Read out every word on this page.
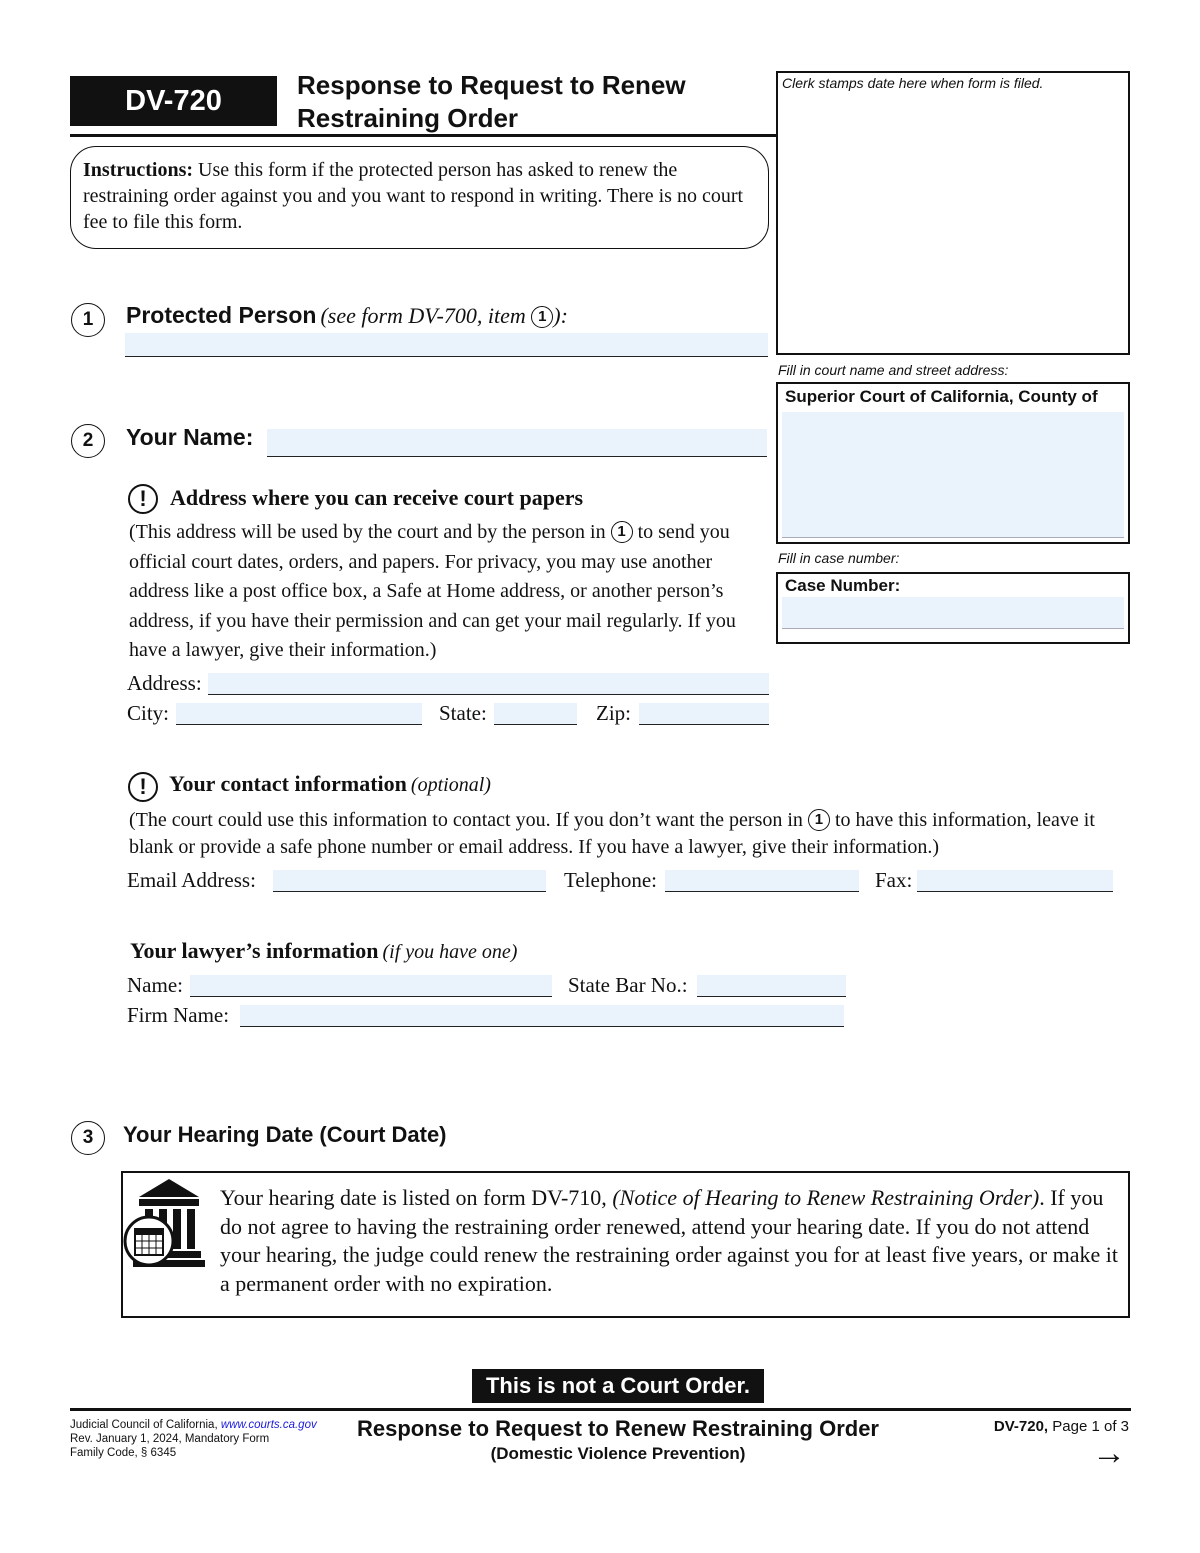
DV-720	Response to Request to Renew
Restraining Order
Clerk stamps date here when form is filed.
Instructions: Use this form if the protected person has asked to renew the restraining order against you and you want to respond in writing. There is no court fee to file this form.
Fill in court name and street address:
Superior Court of California, County of
Fill in case number:
Case Number:
1	Protected Person (see form DV-700, item 1 ):
2	Your Name:
!	Address where you can receive court papers
(This address will be used by the court and by the person in 1 to send you official court dates, orders, and papers. For privacy, you may use another address like a post office box, a Safe at Home address, or another person’s address, if you have their permission and can get your mail regularly. If you have a lawyer, give their information.)
Address:
City:	State:	Zip:
!	Your contact information (optional)
(The court could use this information to contact you. If you don’t want the person in 1 to have this information, leave it blank or provide a safe phone number or email address. If you have a lawyer, give their information.)
Email Address:	Telephone:	Fax:
Your lawyer’s information (if you have one)
Name:	State Bar No.:
Firm Name:
3	Your Hearing Date (Court Date)
Your hearing date is listed on form DV-710, (Notice of Hearing to Renew Restraining Order). If you do not agree to having the restraining order renewed, attend your hearing date. If you do not attend your hearing, the judge could renew the restraining order against you for at least five years, or make it a permanent order with no expiration.
This is not a Court Order.
Judicial Council of California, www.courts.ca.gov
Rev. January 1, 2024, Mandatory Form
Family Code, § 6345
Response to Request to Renew Restraining Order
(Domestic Violence Prevention)
DV-720, Page 1 of 3
→
